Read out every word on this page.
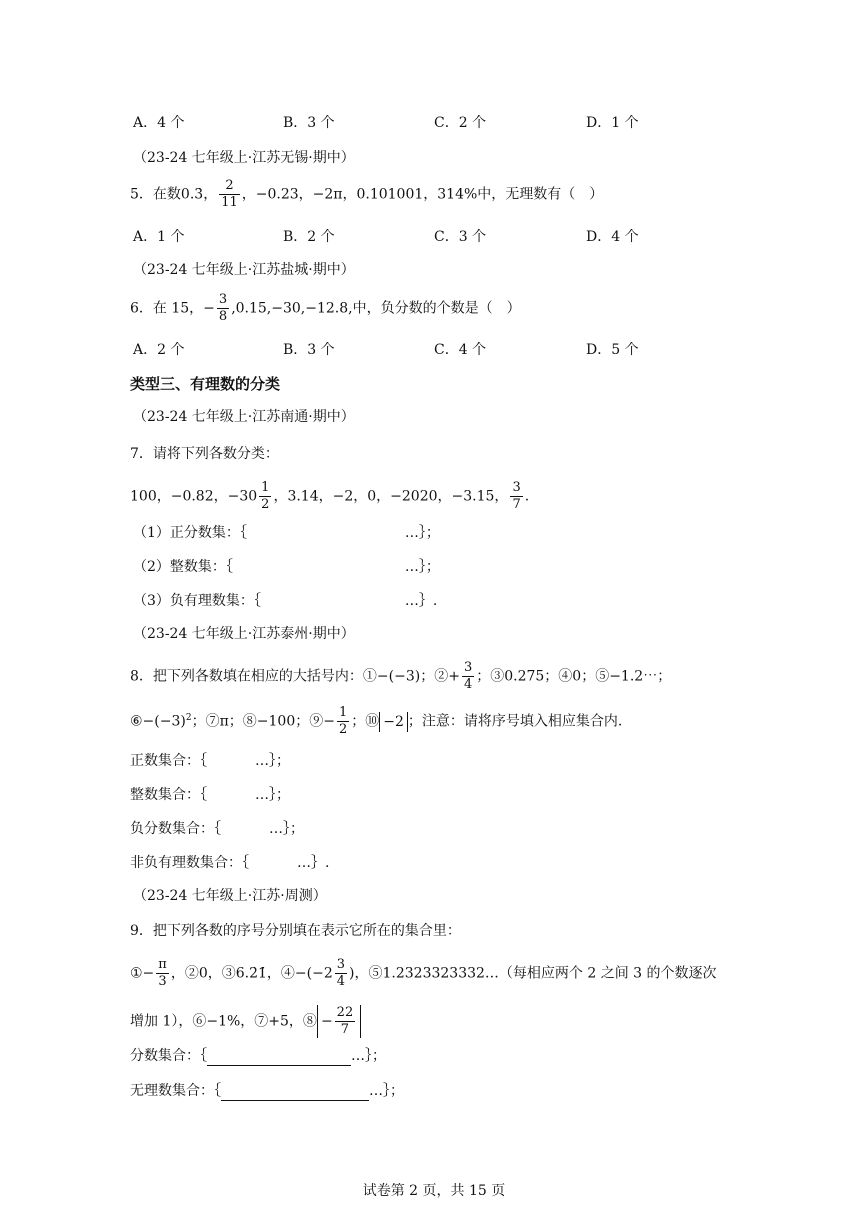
A．4 个	B．3 个	C．2 个	D．1 个
（23-24 七年级上·江苏无锡·期中）
5．在数0.3̇， $\frac{2}{11}$ ，−0.23，−2π，0.101001，314%中，无理数有（　）
A．1 个	B．2 个	C．3 个	D．4 个
（23-24 七年级上·江苏盐城·期中）
6．在 15，− $\frac{3}{8} ,0.15,-30,-12.8$,中，负分数的个数是（　）
A．2 个	B．3 个	C．4 个	D．5 个
类型三、有理数的分类
（23-24 七年级上·江苏南通·期中）
7．请将下列各数分类：
100，−0.82，$-30 \frac{1}{2}$ ，3.14，−2，0，−2020，−3.15， $\frac{3}{7}$ .
（1）正分数集：｛	…｝；
（2）整数集：｛	…｝；
（3）负有理数集：｛	…｝.
（23-24 七年级上·江苏泰州·期中）
8．把下列各数填在相应的大括号内：①−(−3)；②+ $\frac{3}{4}$ ；③0.275；④0；⑤−1.2⋯；
$⑥-(-3)^2$；⑦π；⑧−100；⑨− $\frac{1}{2}$ ；⑩ −2 ；注意：请将序号填入相应集合内.
正数集合：｛	…｝；
整数集合：｛	…｝；
负分数集合：｛	…｝；
非负有理数集合：｛	…｝.
（23-24 七年级上·江苏·周测）
9．把下列各数的序号分别填在表示它所在的集合里：
①− $\frac{\pi}{3}$ ，②0，③6.2̇1̇，④−(−2 $\frac{3}{4}$ )，⑤1.2323323332…（每相应两个 2 之间 3 的个数逐次
增加 1），⑥−1%，⑦+5，⑧ − $\frac{22}{7}$
分数集合：｛	…｝；
无理数集合：｛	…｝；
试卷第 2 页，共 15 页
